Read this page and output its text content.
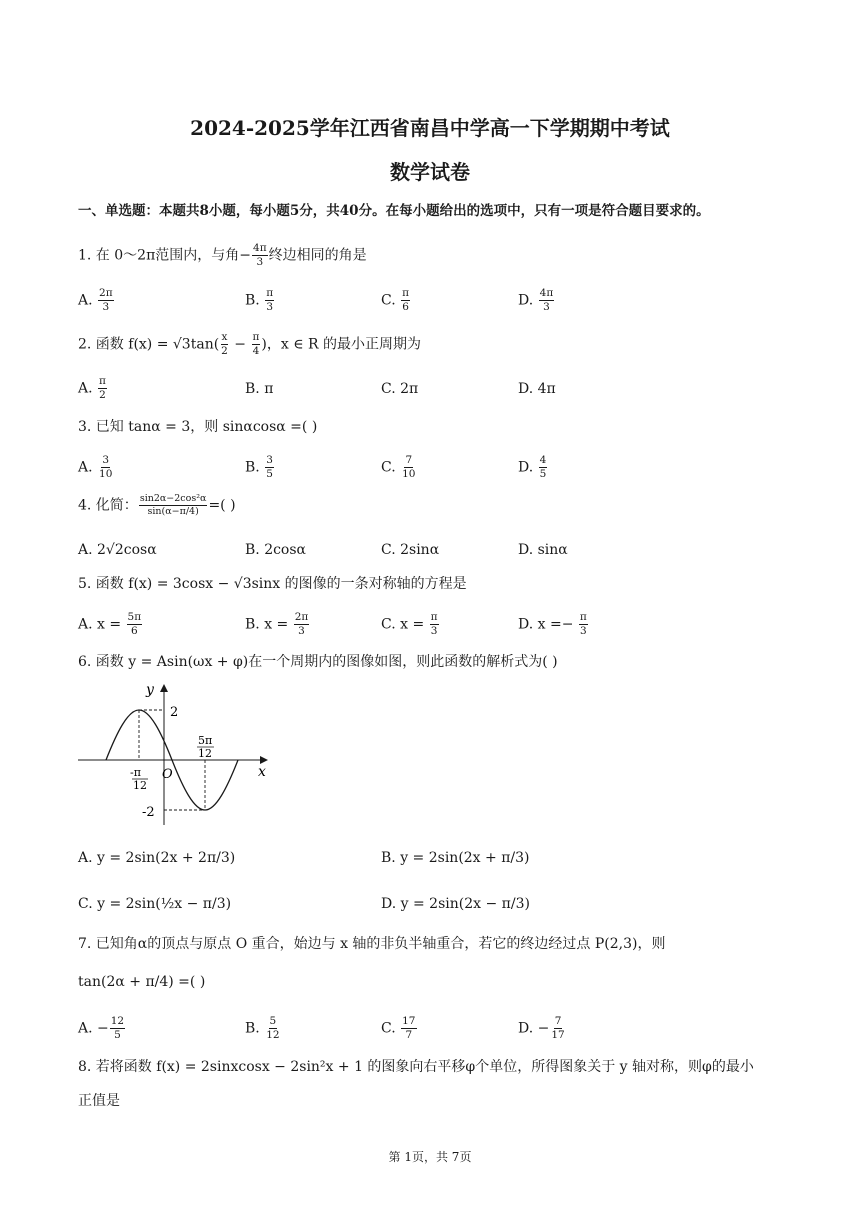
2024-2025学年江西省南昌中学高一下学期期中考试
数学试卷
一、单选题：本题共8小题，每小题5分，共40分。在每小题给出的选项中，只有一项是符合题目要求的。
1. 在 0～2π范围内，与角− $\frac{4\pi}{3}$ 终边相同的角是
A. $\frac{2\pi}{3}$	B. $\frac{\pi}{3}$	C. $\frac{\pi}{6}$	D. $\frac{4\pi}{3}$
2. 函数 $f(x) = √3\tan( \frac{x}{2} - \frac{\pi}{4}$ )，x ∈ R 的最小正周期为
A. $\frac{\pi}{2}$	B. π	C. 2π	D. 4π
3. 已知 tanα = 3，则 sinαcosα =( )
A. $\frac{3}{10}$	B. $\frac{3}{5}$	C. $\frac{7}{10}$	D. $\frac{4}{5}$
4. 化简： $\frac{\text{sin2α−2cos²α}}{\sin(\alpha-\pi/4)}$ =( )
A. 2√2cosα	B. 2cosα	C. 2sinα	D. sinα
5. 函数 f(x) = 3cosx − √3sinx 的图像的一条对称轴的方程是
A. $x = \frac{5\pi}{6}$	B. $x = \frac{2\pi}{3}$	C. $x = \frac{\pi}{3}$	D. $x =- \frac{\pi}{3}$
6. 函数 y = Asin(ωx + φ)在一个周期内的图像如图，则此函数的解析式为( )
y
x
O
2
-2
-π
12
5π
12
A. y = 2sin(2x + 2π/3)	B. y = 2sin(2x + π/3)
C. y = 2sin(½x − π/3)	D. y = 2sin(2x − π/3)
7. 已知角α的顶点与原点 O 重合，始边与 x 轴的非负半轴重合，若它的终边经过点 P(2,3)，则
tan(2α + π/4) =( )
A. − $\frac{12}{5}$	B. $\frac{5}{12}$	C. $\frac{17}{7}$	D. − $\frac{7}{17}$
8. 若将函数 f(x) = 2sinxcosx − 2sin²x + 1 的图象向右平移φ个单位，所得图象关于 y 轴对称，则φ的最小
正值是
第 1页，共 7页
